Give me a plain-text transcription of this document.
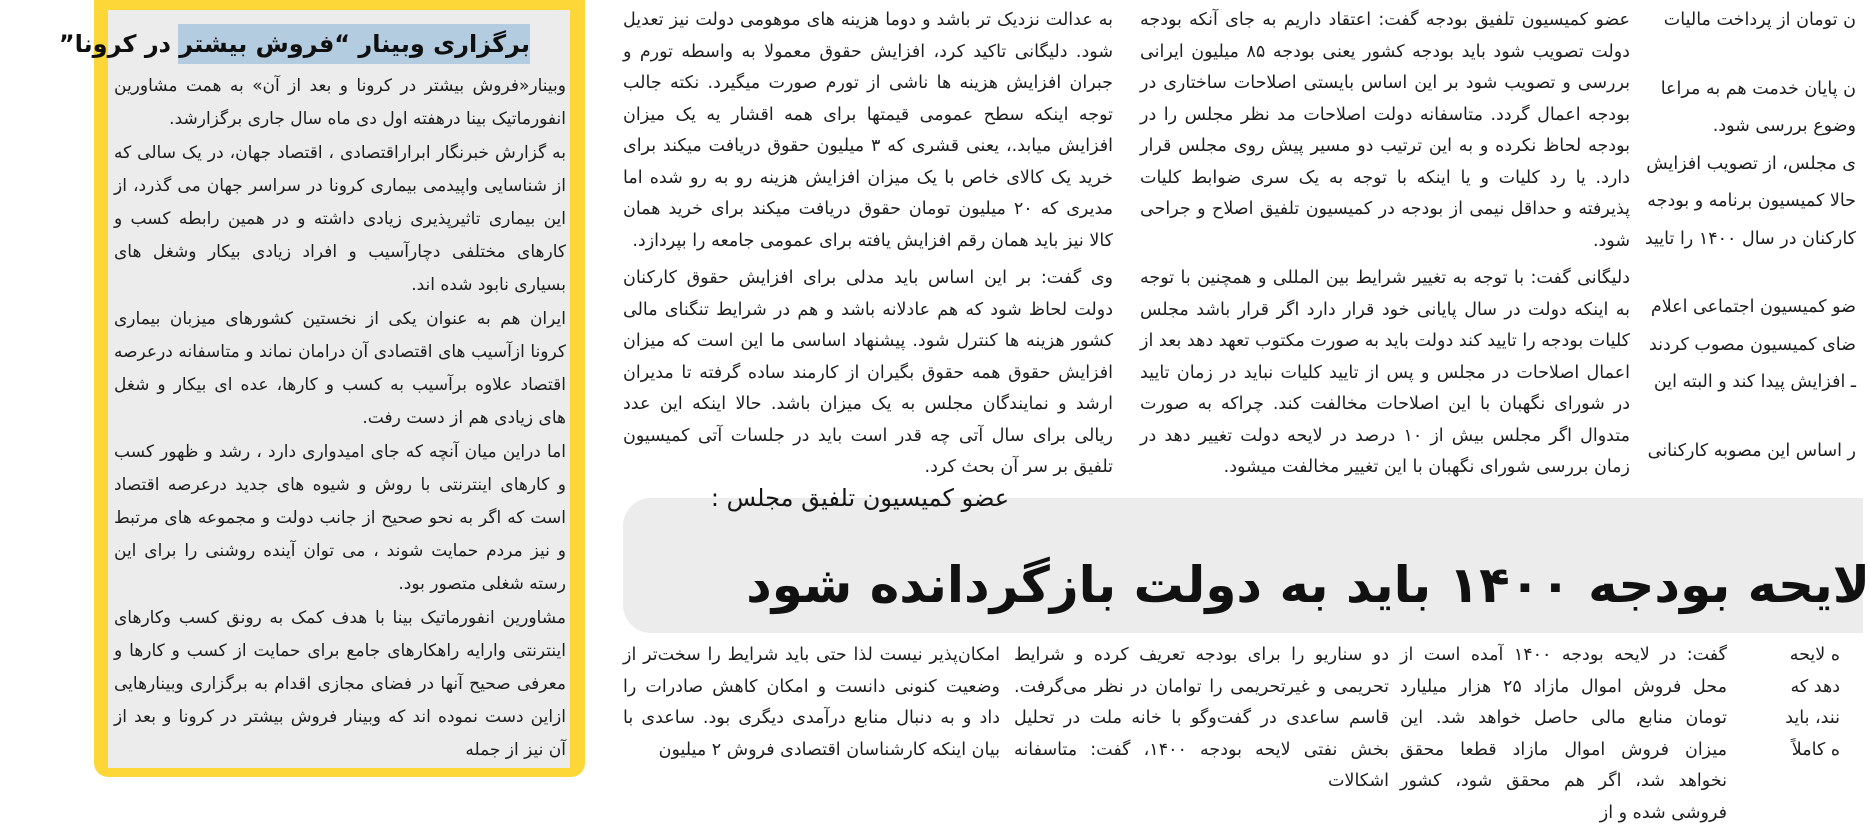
برگزاری وبینار “فروش بیشتر در کرونا”

وبینار«فروش بیشتر در کرونا و بعد از آن» به همت مشاورین انفورماتیک بینا درهفته اول دی ماه سال جاری برگزارشد.

به گزارش خبرنگار ابراراقتصادی ، اقتصاد جهان، در یک سالی که از شناسایی واپیدمی بیماری کرونا در سراسر جهان می گذرد، از این بیماری تاثیرپذیری زیادی داشته و در همین رابطه کسب و کارهای مختلفی دچارآسیب و افراد زیادی بیکار وشغل های بسیاری نابود شده اند.

ایران هم به عنوان یکی از نخستین کشورهای میزبان بیماری کرونا ازآسیب های اقتصادی آن درامان نماند و متاسفانه درعرصه اقتصاد علاوه برآسیب به کسب و کارها، عده ای بیکار و شغل های زیادی هم از دست رفت.

اما دراین میان آنچه که جای امیدواری دارد ، رشد و ظهور کسب و کارهای اینترنتی با روش و شیوه های جدید درعرصه اقتصاد است که اگر به نحو صحیح از جانب دولت و مجموعه های مرتبط و نیز مردم حمایت شوند ، می توان آینده روشنی را برای این رسته شغلی متصور بود.

مشاورین انفورماتیک بینا با هدف کمک به رونق کسب وکارهای اینترنتی وارایه راهکارهای جامع برای حمایت از کسب و کارها و معرفی صحیح آنها در فضای مجازی اقدام به برگزاری وبینارهایی ازاین دست نموده اند که وبینار فروش بیشتر در کرونا و بعد از آن نیز از جمله

به عدالت نزدیک تر باشد و دوما هزینه های موهومی دولت نیز تعدیل شود. دلیگانی تاکید کرد، افزایش حقوق معمولا به واسطه تورم و جبران افزایش هزینه ها ناشی از تورم صورت میگیرد. نکته جالب توجه اینکه سطح عمومی قیمتها برای همه اقشار یه یک میزان افزایش میابد.، یعنی قشری که ۳ میلیون حقوق دریافت میکند برای خرید یک کالای خاص با یک میزان افزایش هزینه رو به رو شده اما مدیری که ۲۰ میلیون تومان حقوق دریافت میکند برای خرید همان کالا نیز باید همان رقم افزایش یافته برای عمومی جامعه را بپردازد.

وی گفت: بر این اساس باید مدلی برای افزایش حقوق کارکنان دولت لحاظ شود که هم عادلانه باشد و هم در شرایط تنگنای مالی کشور هزینه ها کنترل شود. پیشنهاد اساسی ما این است که میزان افزایش حقوق همه حقوق بگیران از کارمند ساده گرفته تا مدیران ارشد و نمایندگان مجلس به یک میزان باشد. حالا اینکه این عدد ریالی برای سال آتی چه قدر است باید در جلسات آتی کمیسیون تلفیق بر سر آن بحث کرد.

عضو کمیسیون تلفیق بودجه گفت: اعتقاد داریم به جای آنکه بودجه دولت تصویب شود باید بودجه کشور یعنی بودجه ۸۵ میلیون ایرانی بررسی و تصویب شود بر این اساس بایستی اصلاحات ساختاری در بودجه اعمال گردد. متاسفانه دولت اصلاحات مد نظر مجلس را در بودجه لحاظ نکرده و به این ترتیب دو مسیر پیش روی مجلس قرار دارد. یا رد کلیات و یا اینکه با توجه به یک سری ضوابط کلیات پذیرفته و حداقل نیمی از بودجه در کمیسیون تلفیق اصلاح و جراحی شود.

دلیگانی گفت: با توجه به تغییر شرایط بین المللی و همچنین با توجه به اینکه دولت در سال پایانی خود قرار دارد اگر قرار باشد مجلس کلیات بودجه را تایید کند دولت باید به صورت مکتوب تعهد دهد بعد از اعمال اصلاحات در مجلس و پس از تایید کلیات نباید در زمان تایید در شورای نگهبان با این اصلاحات مخالفت کند. چراکه به صورت متدوال اگر مجلس بیش از ۱۰ درصد در لایحه دولت تغییر دهد در زمان بررسی شورای نگهبان با این تغییر مخالفت میشود.

ن تومان از پرداخت مالیات

ن پایان خدمت هم به مراعا

وضوع بررسی شود.

ی مجلس، از تصویب افزایش

حالا کمیسیون برنامه و بودجه

کارکنان در سال ۱۴۰۰ را تایید

ضو کمیسیون اجتماعی اعلام

ضای کمیسیون مصوب کردند

ـ افزایش پیدا کند و البته این

ر اساس این مصوبه کارکنانی

عضو کمیسیون تلفیق مجلس :
لایحه بودجه ۱۴۰۰ باید به دولت بازگردانده شود

امکان‌پذیر نیست لذا حتی باید شرایط را سخت‌تر از وضعیت کنونی دانست و امکان کاهش صادرات را داد و به دنبال منابع درآمدی دیگری بود. ساعدی با بیان اینکه کارشناسان اقتصادی فروش ۲ میلیون

دو سناریو را برای بودجه تعریف کرده و شرایط تحریمی و غیرتحریمی را توامان در نظر می‌گرفت. قاسم ساعدی در گفت‌وگو با خانه ملت در تحلیل بخش نفتی لایحه بودجه ۱۴۰۰، گفت: متاسفانه اشکالات

گفت: در لایحه بودجه ۱۴۰۰ آمده است از محل فروش اموال مازاد ۲۵ هزار میلیارد تومان منابع مالی حاصل خواهد شد. این میزان فروش اموال مازاد قطعا محقق نخواهد شد، اگر هم محقق شود، کشور فروشی شده و از

ه لایحه

دهد که

نند، باید

ه کاملاً
